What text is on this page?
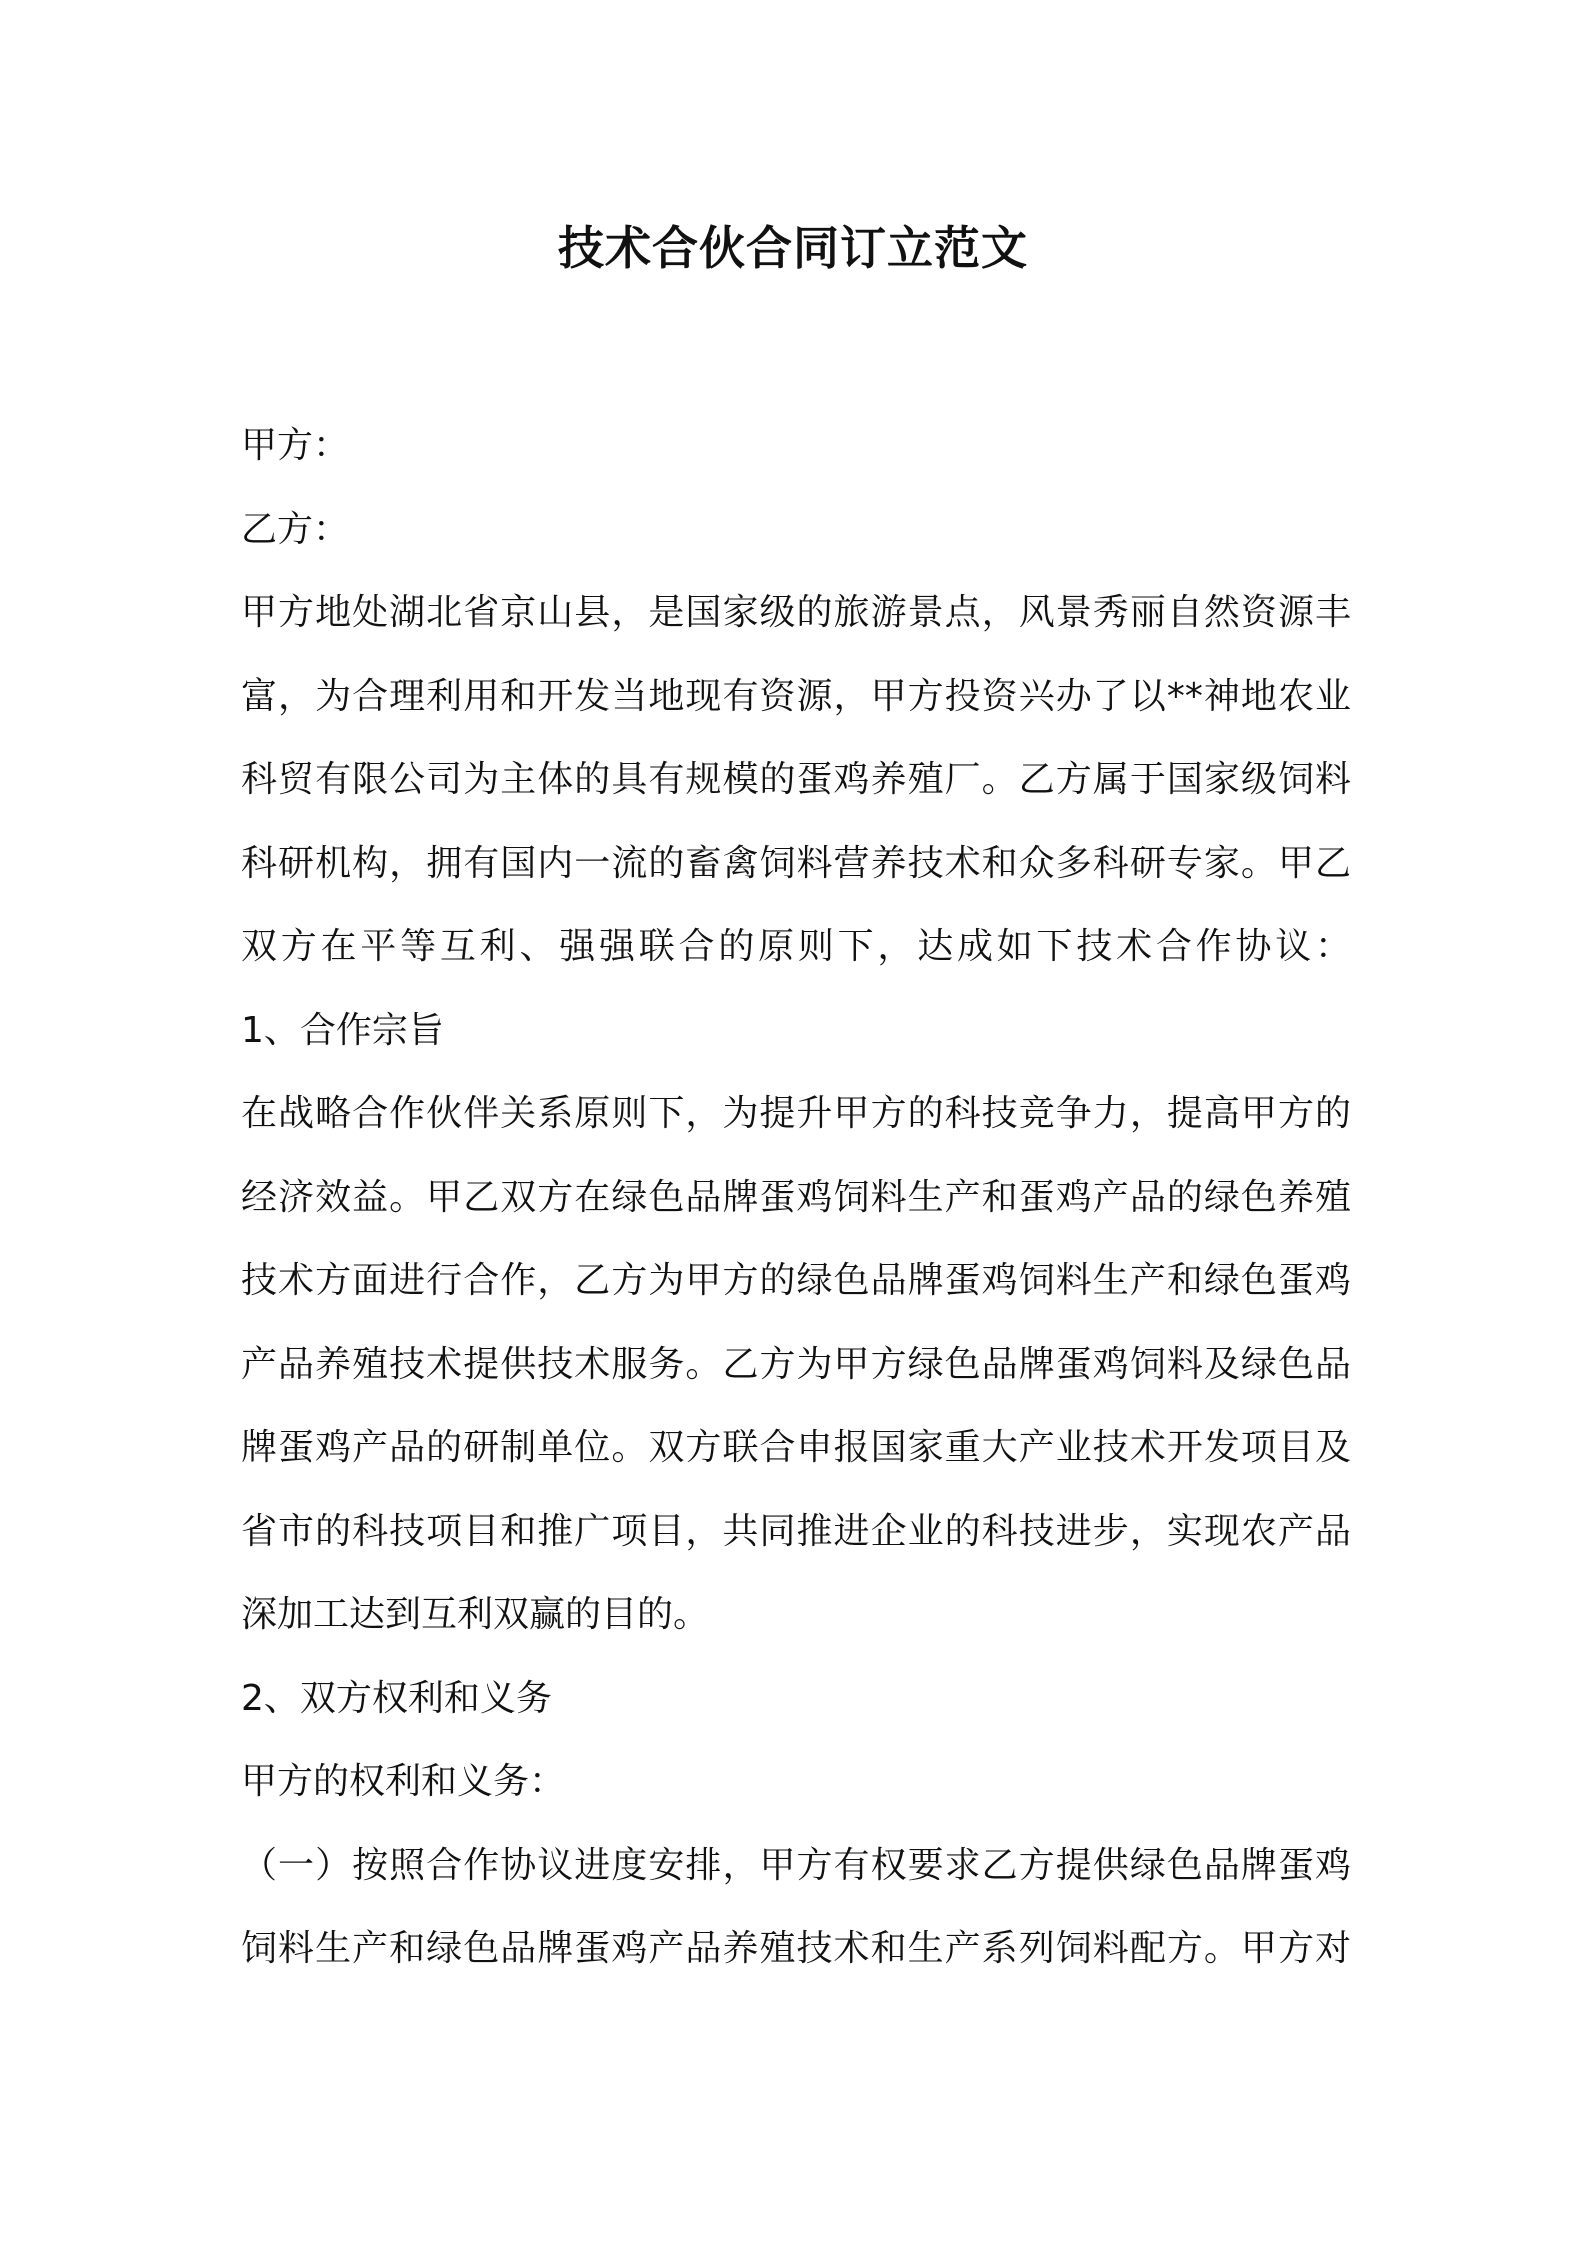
技术合伙合同订立范文

甲方：

乙方：

甲方地处湖北省京山县，是国家级的旅游景点，风景秀丽自然资源丰

富，为合理利用和开发当地现有资源，甲方投资兴办了以**神地农业

科贸有限公司为主体的具有规模的蛋鸡养殖厂。乙方属于国家级饲料

科研机构，拥有国内一流的畜禽饲料营养技术和众多科研专家。甲乙

双方在平等互利、强强联合的原则下，达成如下技术合作协议：

1、合作宗旨

在战略合作伙伴关系原则下，为提升甲方的科技竞争力，提高甲方的

经济效益。甲乙双方在绿色品牌蛋鸡饲料生产和蛋鸡产品的绿色养殖

技术方面进行合作，乙方为甲方的绿色品牌蛋鸡饲料生产和绿色蛋鸡

产品养殖技术提供技术服务。乙方为甲方绿色品牌蛋鸡饲料及绿色品

牌蛋鸡产品的研制单位。双方联合申报国家重大产业技术开发项目及

省市的科技项目和推广项目，共同推进企业的科技进步，实现农产品

深加工达到互利双赢的目的。

2、双方权利和义务

甲方的权利和义务：

（一）按照合作协议进度安排，甲方有权要求乙方提供绿色品牌蛋鸡

饲料生产和绿色品牌蛋鸡产品养殖技术和生产系列饲料配方。甲方对
